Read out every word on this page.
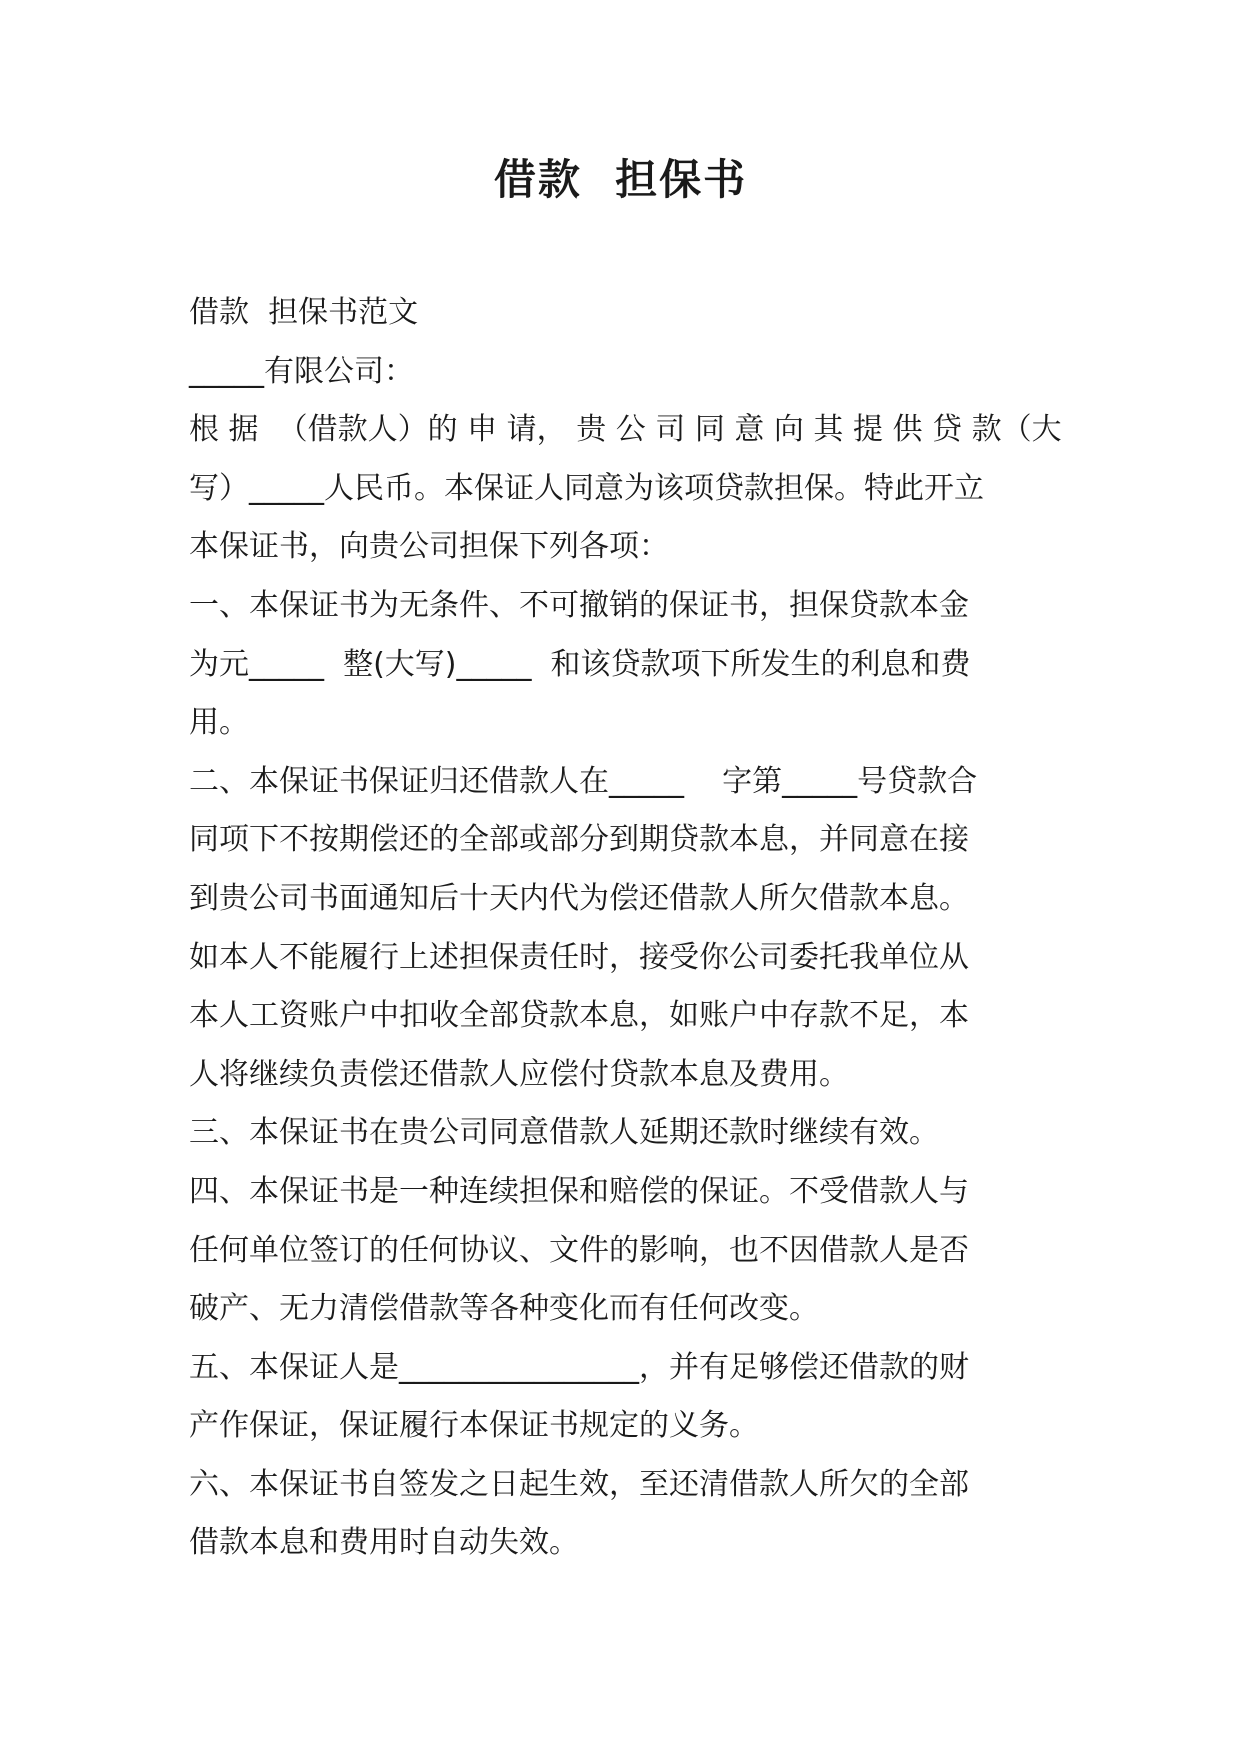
借款  担保书
借款  担保书范文
_____有限公司：
根 据  （借款人）的 申 请， 贵 公 司 同 意 向 其 提 供 贷 款（大
写）_____人民币。本保证人同意为该项贷款担保。特此开立
本保证书，向贵公司担保下列各项：
一、本保证书为无条件、不可撤销的保证书，担保贷款本金
为元_____  整(大写)_____  和该贷款项下所发生的利息和费
用。
二、本保证书保证归还借款人在_____    字第_____号贷款合
同项下不按期偿还的全部或部分到期贷款本息，并同意在接
到贵公司书面通知后十天内代为偿还借款人所欠借款本息。
如本人不能履行上述担保责任时，接受你公司委托我单位从
本人工资账户中扣收全部贷款本息，如账户中存款不足，本
人将继续负责偿还借款人应偿付贷款本息及费用。
三、本保证书在贵公司同意借款人延期还款时继续有效。
四、本保证书是一种连续担保和赔偿的保证。不受借款人与
任何单位签订的任何协议、文件的影响，也不因借款人是否
破产、无力清偿借款等各种变化而有任何改变。
五、本保证人是________________，并有足够偿还借款的财
产作保证，保证履行本保证书规定的义务。
六、本保证书自签发之日起生效，至还清借款人所欠的全部
借款本息和费用时自动失效。
